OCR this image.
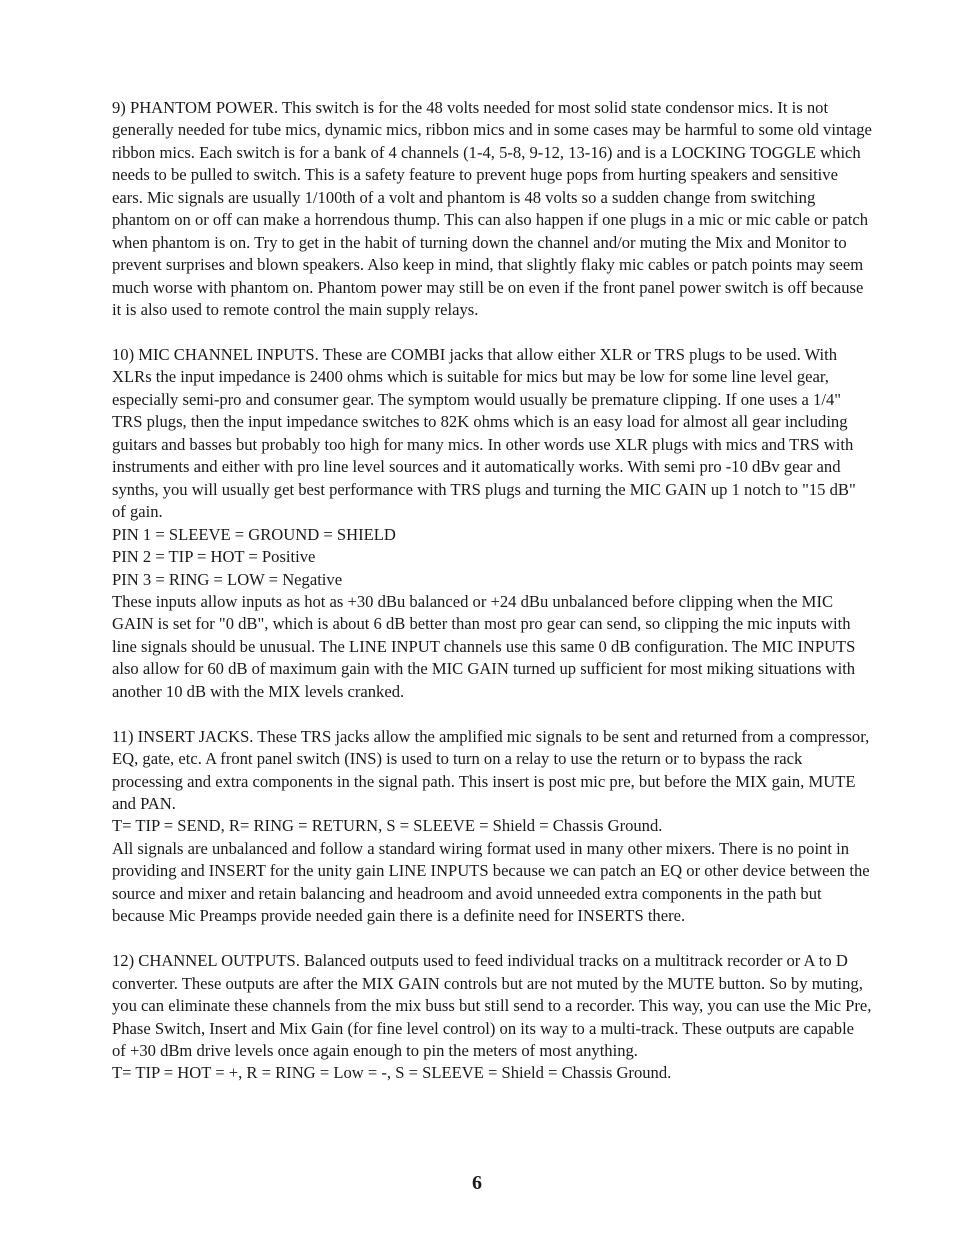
9) PHANTOM POWER. This switch is for the 48 volts needed for most solid state condensor mics. It is not generally needed for tube mics, dynamic mics, ribbon mics and in some cases may be harmful to some old vintage ribbon mics. Each switch is for a bank of 4 channels (1-4, 5-8, 9-12, 13-16) and is a LOCKING TOGGLE which needs to be pulled to switch. This is a safety feature to prevent huge pops from hurting speakers and sensitive ears. Mic signals are usually 1/100th of a volt and phantom is 48 volts so a sudden change from switching phantom on or off can make a horrendous thump. This can also happen if one plugs in a mic or mic cable or patch when phantom is on. Try to get in the habit of turning down the channel and/or muting the Mix and Monitor to prevent surprises and blown speakers. Also keep in mind, that slightly flaky mic cables or patch points may seem much worse with phantom on. Phantom power may still be on even if the front panel power switch is off because it is also used to remote control the main supply relays.

10) MIC CHANNEL INPUTS. These are COMBI jacks that allow either XLR or TRS plugs to be used. With XLRs the input impedance is 2400 ohms which is suitable for mics but may be low for some line level gear, especially semi-pro and consumer gear. The symptom would usually be premature clipping. If one uses a 1/4" TRS plugs, then the input impedance switches to 82K ohms which is an easy load for almost all gear including guitars and basses but probably too high for many mics. In other words use XLR plugs with mics and TRS with instruments and either with pro line level sources and it automatically works. With semi pro -10 dBv gear and synths, you will usually get best performance with TRS plugs and turning the MIC GAIN up 1 notch to "15 dB" of gain.

PIN 1 = SLEEVE = GROUND = SHIELD

PIN 2 = TIP = HOT = Positive

PIN 3 = RING = LOW = Negative

These inputs allow inputs as hot as +30 dBu balanced or +24 dBu unbalanced before clipping when the MIC GAIN is set for "0 dB", which is about 6 dB better than most pro gear can send, so clipping the mic inputs with line signals should be unusual. The LINE INPUT channels use this same 0 dB configuration. The MIC INPUTS also allow for 60 dB of maximum gain with the MIC GAIN turned up sufficient for most miking situations with another 10 dB with the MIX levels cranked.

11) INSERT JACKS. These TRS jacks allow the amplified mic signals to be sent and returned from a compressor, EQ, gate, etc. A front panel switch (INS) is used to turn on a relay to use the return or to bypass the rack processing and extra components in the signal path. This insert is post mic pre, but before the MIX gain, MUTE and PAN.

T= TIP = SEND, R= RING = RETURN, S = SLEEVE = Shield = Chassis Ground.

All signals are unbalanced and follow a standard wiring format used in many other mixers. There is no point in providing and INSERT for the unity gain LINE INPUTS because we can patch an EQ or other device between the source and mixer and retain balancing and headroom and avoid unneeded extra components in the path but because Mic Preamps provide needed gain there is a definite need for INSERTS there.

12) CHANNEL OUTPUTS. Balanced outputs used to feed individual tracks on a multitrack recorder or A to D converter. These outputs are after the MIX GAIN controls but are not muted by the MUTE button. So by muting, you can eliminate these channels from the mix buss but still send to a recorder. This way, you can use the Mic Pre, Phase Switch, Insert and Mix Gain (for fine level control) on its way to a multi-track. These outputs are capable of +30 dBm drive levels once again enough to pin the meters of most anything.

T= TIP = HOT = +, R = RING = Low = -, S = SLEEVE = Shield = Chassis Ground.

6
